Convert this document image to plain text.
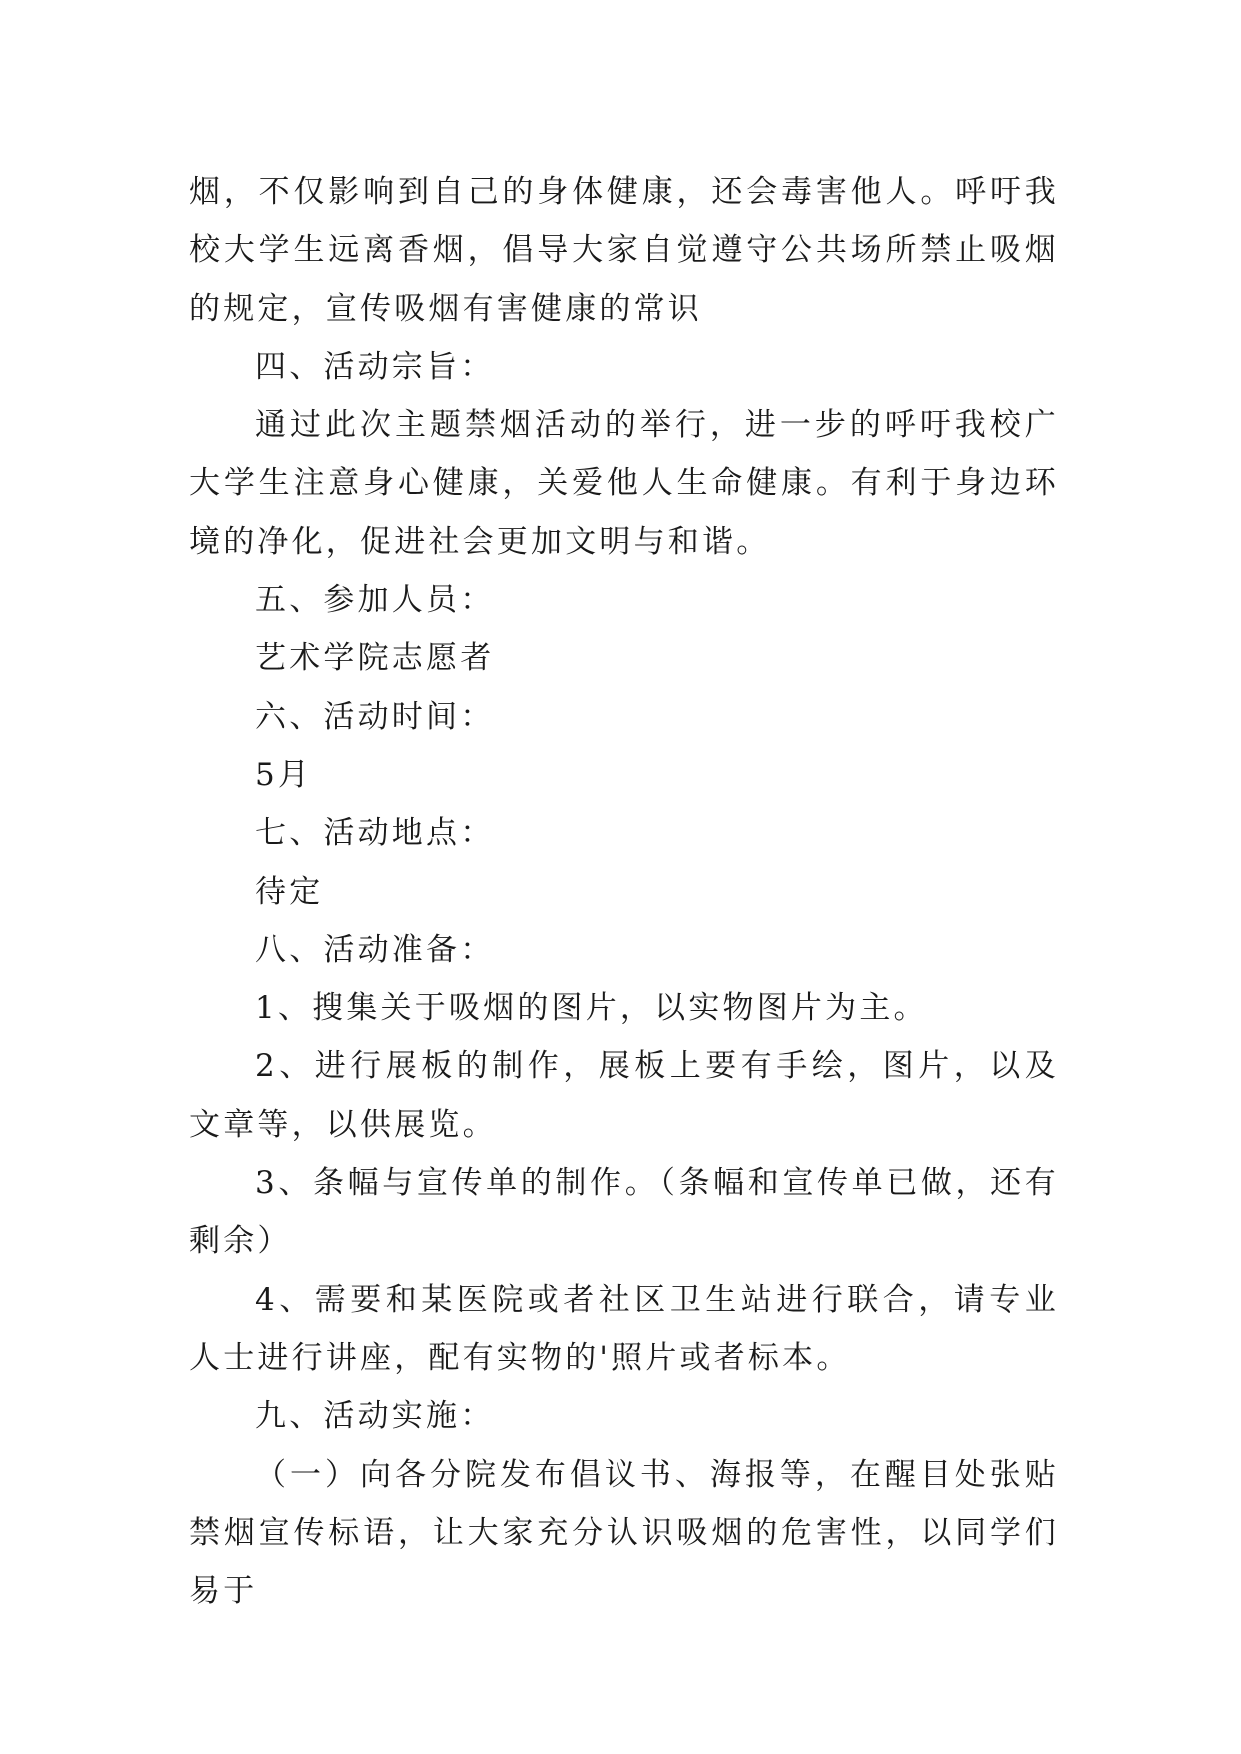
烟，不仅影响到自己的身体健康，还会毒害他人。呼吁我校大学生远离香烟，倡导大家自觉遵守公共场所禁止吸烟的规定，宣传吸烟有害健康的常识

四、活动宗旨：

通过此次主题禁烟活动的举行，进一步的呼吁我校广大学生注意身心健康，关爱他人生命健康。有利于身边环境的净化，促进社会更加文明与和谐。

五、参加人员：

艺术学院志愿者

六、活动时间：

5月

七、活动地点：

待定

八、活动准备：

1、搜集关于吸烟的图片，以实物图片为主。

2、进行展板的制作，展板上要有手绘，图片，以及文章等，以供展览。

3、条幅与宣传单的制作。（条幅和宣传单已做，还有剩余）

4、需要和某医院或者社区卫生站进行联合，请专业人士进行讲座，配有实物的'照片或者标本。

九、活动实施：

（一）向各分院发布倡议书、海报等，在醒目处张贴禁烟宣传标语，让大家充分认识吸烟的危害性，以同学们易于
